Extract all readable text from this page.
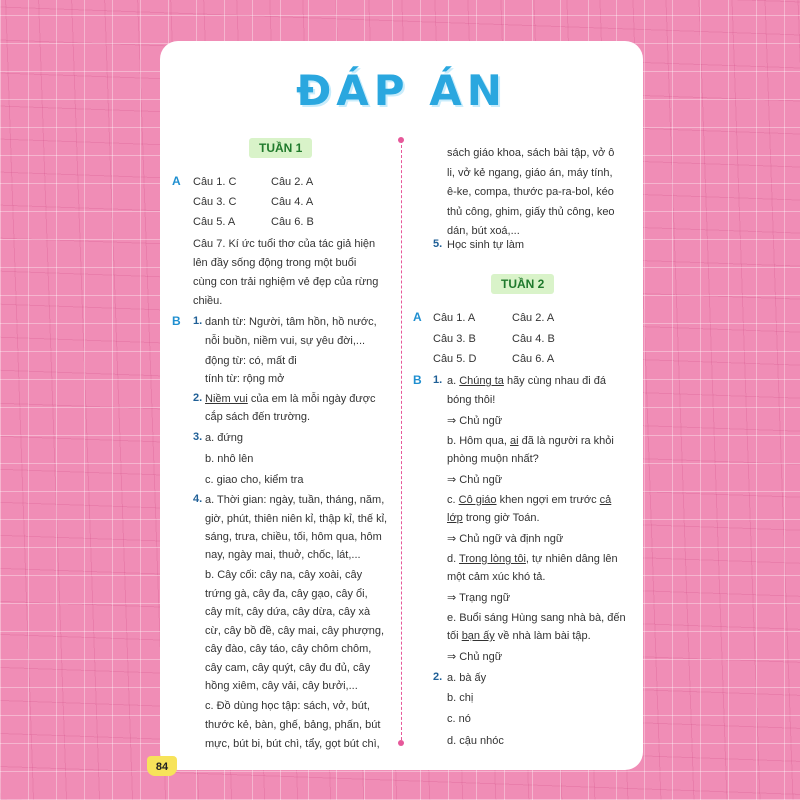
ĐÁP ÁN
TUẦN 1
A Câu 1. C	Câu 2. A
Câu 3. C	Câu 4. A
Câu 5. A	Câu 6. B
Câu 7. Kí ức tuổi thơ của tác giả hiện
lên đầy sống động trong một buổi
cùng con trải nghiệm vẻ đẹp của rừng
chiều.
B 1. danh từ: Người, tâm hồn, hồ nước,
nỗi buồn, niềm vui, sự yêu đời,...
động từ: có, mất đi
tính từ: rộng mở
2. Niềm vui của em là mỗi ngày được
cắp sách đến trường.
3. a. đứng
b. nhô lên
c. giao cho, kiểm tra
4. a. Thời gian: ngày, tuần, tháng, năm,
giờ, phút, thiên niên kỉ, thập kỉ, thế kỉ,
sáng, trưa, chiều, tối, hôm qua, hôm
nay, ngày mai, thuở, chốc, lát,...
b. Cây cối: cây na, cây xoài, cây
trứng gà, cây đa, cây gạo, cây ổi,
cây mít, cây dứa, cây dừa, cây xà
cừ, cây bồ đề, cây mai, cây phượng,
cây đào, cây táo, cây chôm chôm,
cây cam, cây quýt, cây đu đủ, cây
hồng xiêm, cây vải, cây bưởi,...
c. Đồ dùng học tập: sách, vở, bút,
thước kẻ, bàn, ghế, bảng, phấn, bút
mực, bút bi, bút chì, tẩy, gọt bút chì,
sách giáo khoa, sách bài tập, vở ô
li, vở kẻ ngang, giáo án, máy tính,
ê-ke, compa, thước pa-ra-bol, kéo
thủ công, ghim, giấy thủ công, keo
dán, bút xoá,...
5. Học sinh tự làm
TUẦN 2
A Câu 1. A	Câu 2. A
Câu 3. B	Câu 4. B
Câu 5. D	Câu 6. A
B 1. a. Chúng ta hãy cùng nhau đi đá
bóng thôi!
⇒ Chủ ngữ
b. Hôm qua, ai đã là người ra khỏi
phòng muộn nhất?
⇒ Chủ ngữ
c. Cô giáo khen ngợi em trước cả
lớp trong giờ Toán.
⇒ Chủ ngữ và định ngữ
d. Trong lòng tôi, tự nhiên dâng lên
một cảm xúc khó tả.
⇒ Trạng ngữ
e. Buổi sáng Hùng sang nhà bà, đến
tối bạn ấy về nhà làm bài tập.
⇒ Chủ ngữ
2. a. bà ấy
b. chị
c. nó
d. cậu nhóc
84
